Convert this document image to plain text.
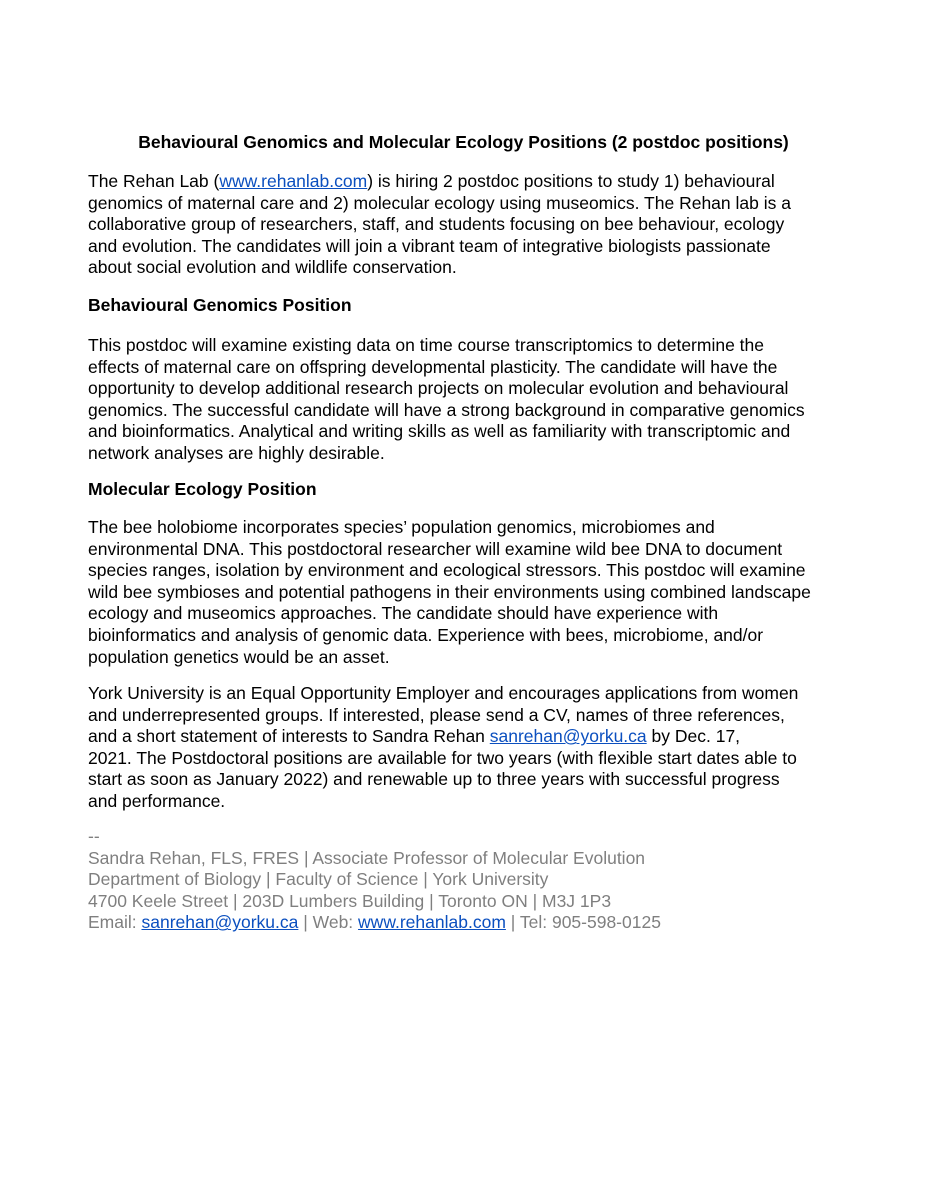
Behavioural Genomics and Molecular Ecology Positions (2 postdoc positions)
The Rehan Lab (www.rehanlab.com) is hiring 2 postdoc positions to study 1) behavioural
genomics of maternal care and 2) molecular ecology using museomics. The Rehan lab is a
collaborative group of researchers, staff, and students focusing on bee behaviour, ecology
and evolution. The candidates will join a vibrant team of integrative biologists passionate
about social evolution and wildlife conservation.
Behavioural Genomics Position
This postdoc will examine existing data on time course transcriptomics to determine the
effects of maternal care on offspring developmental plasticity. The candidate will have the
opportunity to develop additional research projects on molecular evolution and behavioural
genomics. The successful candidate will have a strong background in comparative genomics
and bioinformatics. Analytical and writing skills as well as familiarity with transcriptomic and
network analyses are highly desirable.
Molecular Ecology Position
The bee holobiome incorporates species’ population genomics, microbiomes and
environmental DNA. This postdoctoral researcher will examine wild bee DNA to document
species ranges, isolation by environment and ecological stressors. This postdoc will examine
wild bee symbioses and potential pathogens in their environments using combined landscape
ecology and museomics approaches. The candidate should have experience with
bioinformatics and analysis of genomic data. Experience with bees, microbiome, and/or
population genetics would be an asset.
York University is an Equal Opportunity Employer and encourages applications from women
and underrepresented groups. If interested, please send a CV, names of three references,
and a short statement of interests to Sandra Rehan sanrehan@yorku.ca by Dec. 17,
2021. The Postdoctoral positions are available for two years (with flexible start dates able to
start as soon as January 2022) and renewable up to three years with successful progress
and performance.
--
Sandra Rehan, FLS, FRES | Associate Professor of Molecular Evolution
Department of Biology | Faculty of Science | York University
4700 Keele Street | 203D Lumbers Building | Toronto ON | M3J 1P3
Email: sanrehan@yorku.ca | Web: www.rehanlab.com | Tel: 905-598-0125
